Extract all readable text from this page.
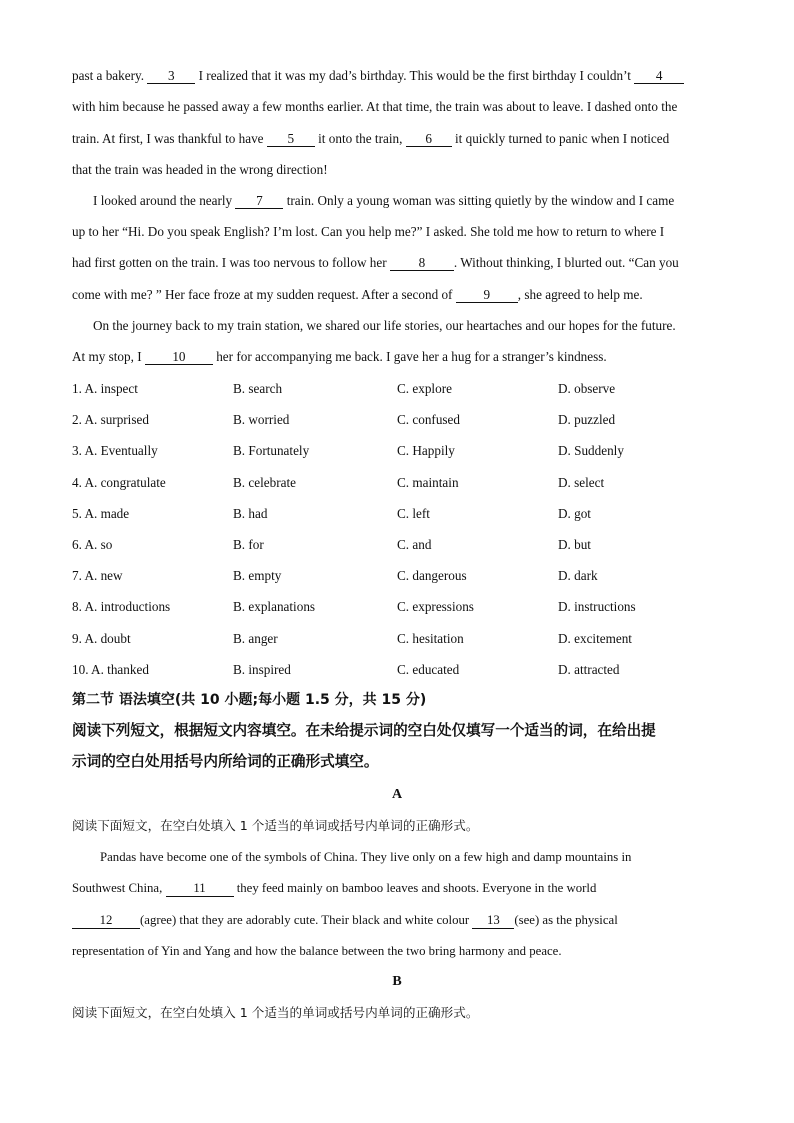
past a bakery. 3 I realized that it was my dad’s birthday. This would be the first birthday I couldn’t 4
with him because he passed away a few months earlier. At that time, the train was about to leave. I dashed onto the
train. At first, I was thankful to have 5 it onto the train, 6 it quickly turned to panic when I noticed
that the train was headed in the wrong direction!
I looked around the nearly 7 train. Only a young woman was sitting quietly by the window and I came
up to her “Hi. Do you speak English? I’m lost. Can you help me?” I asked. She told me how to return to where I
had first gotten on the train. I was too nervous to follow her 8 . Without thinking, I blurted out. “Can you
come with me? ” Her face froze at my sudden request. After a second of 9 , she agreed to help me.
On the journey back to my train station, we shared our life stories, our heartaches and our hopes for the future.
At my stop, I 10 her for accompanying me back. I gave her a hug for a stranger’s kindness.
1. A. inspect	B. search	C. explore	D. observe
2. A. surprised	B. worried	C. confused	D. puzzled
3. A. Eventually	B. Fortunately	C. Happily	D. Suddenly
4. A. congratulate	B. celebrate	C. maintain	D. select
5. A. made	B. had	C. left	D. got
6. A. so	B. for	C. and	D. but
7. A. new	B. empty	C. dangerous	D. dark
8. A. introductions	B. explanations	C. expressions	D. instructions
9. A. doubt	B. anger	C. hesitation	D. excitement
10. A. thanked	B. inspired	C. educated	D. attracted
第二节 语法填空(共 10 小题;每小题 1.5 分，共 15 分)
阅读下列短文，根据短文内容填空。在未给提示词的空白处仅填写一个适当的词，在给出提
示词的空白处用括号内所给词的正确形式填空。
A
阅读下面短文，在空白处填入 1 个适当的单词或括号内单词的正确形式。
Pandas have become one of the symbols of China. They live only on a few high and damp mountains in
Southwest China, 11 they feed mainly on bamboo leaves and shoots. Everyone in the world
12 (agree) that they are adorably cute. Their black and white colour 13 (see) as the physical
representation of Yin and Yang and how the balance between the two bring harmony and peace.
B
阅读下面短文，在空白处填入 1 个适当的单词或括号内单词的正确形式。
